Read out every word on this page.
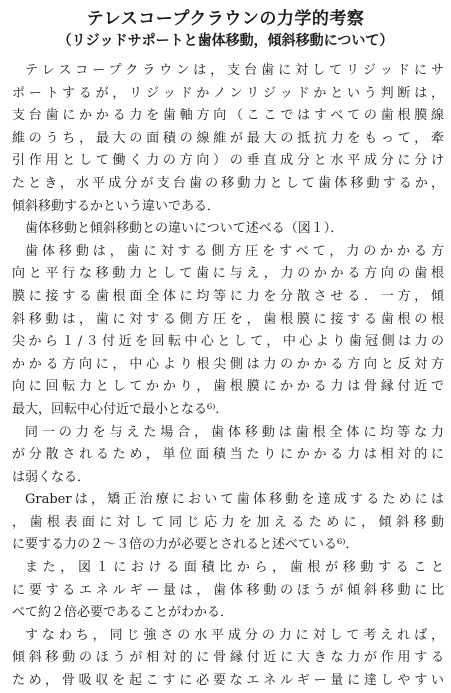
テレスコープクラウンの力学的考察
（リジッドサポートと歯体移動，傾斜移動について）
テレスコープクラウンは，支台歯に対してリジッドにサ
ポートするが，リジッドかノンリジッドかという判断は，
支台歯にかかる力を歯軸方向（ここではすべての歯根膜線
維のうち，最大の面積の線維が最大の抵抗力をもって，牽
引作用として働く力の方向）の垂直成分と水平成分に分け
たとき，水平成分が支台歯の移動力として歯体移動するか，
傾斜移動するかという違いである．
歯体移動と傾斜移動との違いについて述べる（図１）．
歯体移動は，歯に対する側方圧をすべて，力のかかる方
向と平行な移動力として歯に与え，力のかかる方向の歯根
膜に接する歯根面全体に均等に力を分散させる．一方，傾
斜移動は，歯に対する側方圧を，歯根膜に接する歯根の根
尖から１/３付近を回転中心として，中心より歯冠側は力の
かかる方向に，中心より根尖側は力のかかる方向と反対方
向に回転力としてかかり，歯根膜にかかる力は骨縁付近で
最大，回転中心付近で最小となる⁶⁾．
同一の力を与えた場合，歯体移動は歯根全体に均等な力
が分散されるため，単位面積当たりにかかる力は相対的に
は弱くなる．
Graberは，矯正治療において歯体移動を達成するためには
，歯根表面に対して同じ応力を加えるために，傾斜移動
に要する力の２～３倍の力が必要とされると述べている⁶⁾．
また，図１における面積比から，歯根が移動すること
に要するエネルギー量は，歯体移動のほうが傾斜移動に比
べて約２倍必要であることがわかる．
すなわち，同じ強さの水平成分の力に対して考えれば，
傾斜移動のほうが相対的に骨縁付近に大きな力が作用する
ため，骨吸収を起こすに必要なエネルギー量に達しやすい
